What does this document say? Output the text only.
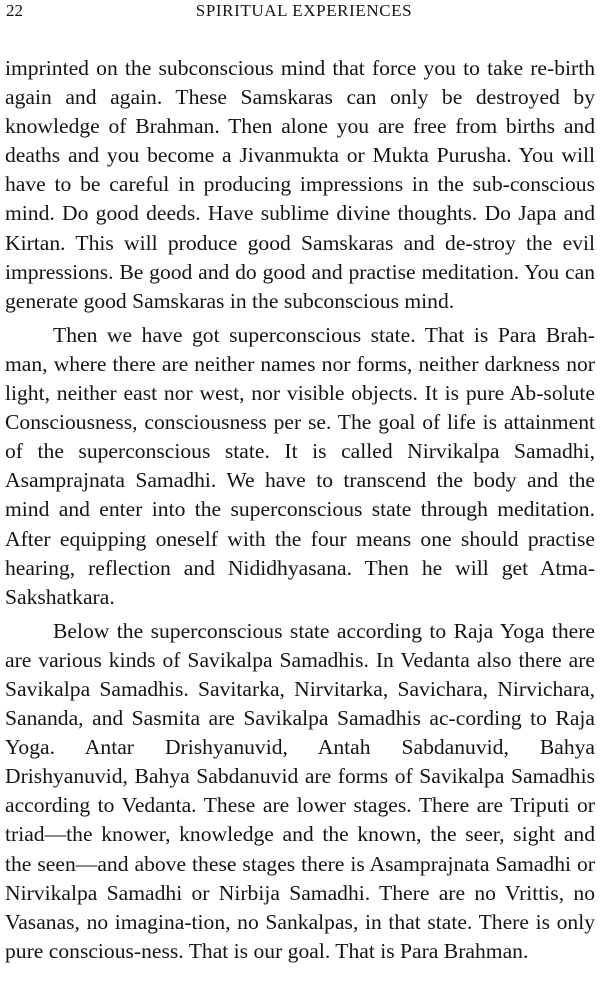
22	SPIRITUAL EXPERIENCES

imprinted on the subconscious mind that force you to take re-birth again and again. These Samskaras can only be destroyed by knowledge of Brahman. Then alone you are free from births and deaths and you become a Jivanmukta or Mukta Purusha. You will have to be careful in producing impressions in the sub-conscious mind. Do good deeds. Have sublime divine thoughts. Do Japa and Kirtan. This will produce good Samskaras and de-stroy the evil impressions. Be good and do good and practise meditation. You can generate good Samskaras in the subconscious mind.

Then we have got superconscious state. That is Para Brah-man, where there are neither names nor forms, neither darkness nor light, neither east nor west, nor visible objects. It is pure Ab-solute Consciousness, consciousness per se. The goal of life is attainment of the superconscious state. It is called Nirvikalpa Samadhi, Asamprajnata Samadhi. We have to transcend the body and the mind and enter into the superconscious state through meditation. After equipping oneself with the four means one should practise hearing, reflection and Nididhyasana. Then he will get Atma-Sakshatkara.

Below the superconscious state according to Raja Yoga there are various kinds of Savikalpa Samadhis. In Vedanta also there are Savikalpa Samadhis. Savitarka, Nirvitarka, Savichara, Nirvichara, Sananda, and Sasmita are Savikalpa Samadhis ac-cording to Raja Yoga. Antar Drishyanuvid, Antah Sabdanuvid, Bahya Drishyanuvid, Bahya Sabdanuvid are forms of Savikalpa Samadhis according to Vedanta. These are lower stages. There are Triputi or triad—the knower, knowledge and the known, the seer, sight and the seen—and above these stages there is Asamprajnata Samadhi or Nirvikalpa Samadhi or Nirbija Samadhi. There are no Vrittis, no Vasanas, no imagina-tion, no Sankalpas, in that state. There is only pure conscious-ness. That is our goal. That is Para Brahman.
